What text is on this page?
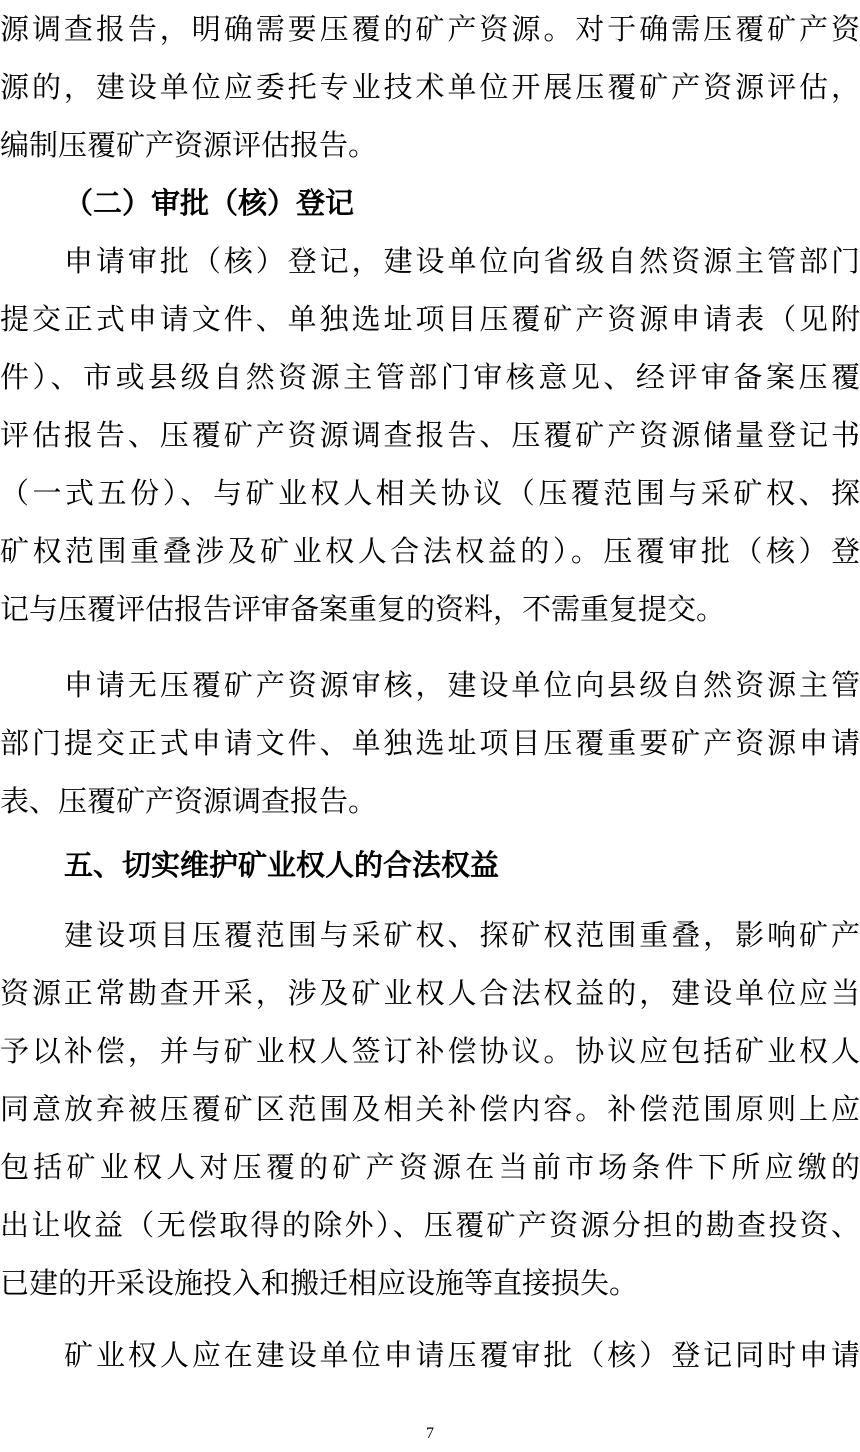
源调查报告，明确需要压覆的矿产资源。对于确需压覆矿产资
源的，建设单位应委托专业技术单位开展压覆矿产资源评估，
编制压覆矿产资源评估报告。
（二）审批（核）登记
申请审批（核）登记，建设单位向省级自然资源主管部门
提交正式申请文件、单独选址项目压覆矿产资源申请表（见附
件）、市或县级自然资源主管部门审核意见、经评审备案压覆
评估报告、压覆矿产资源调查报告、压覆矿产资源储量登记书
（一式五份）、与矿业权人相关协议（压覆范围与采矿权、探
矿权范围重叠涉及矿业权人合法权益的）。压覆审批（核）登
记与压覆评估报告评审备案重复的资料，不需重复提交。
申请无压覆矿产资源审核，建设单位向县级自然资源主管
部门提交正式申请文件、单独选址项目压覆重要矿产资源申请
表、压覆矿产资源调查报告。
五、切实维护矿业权人的合法权益
建设项目压覆范围与采矿权、探矿权范围重叠，影响矿产
资源正常勘查开采，涉及矿业权人合法权益的，建设单位应当
予以补偿，并与矿业权人签订补偿协议。协议应包括矿业权人
同意放弃被压覆矿区范围及相关补偿内容。补偿范围原则上应
包括矿业权人对压覆的矿产资源在当前市场条件下所应缴的
出让收益（无偿取得的除外）、压覆矿产资源分担的勘查投资、
已建的开采设施投入和搬迁相应设施等直接损失。
矿业权人应在建设单位申请压覆审批（核）登记同时申请
7
